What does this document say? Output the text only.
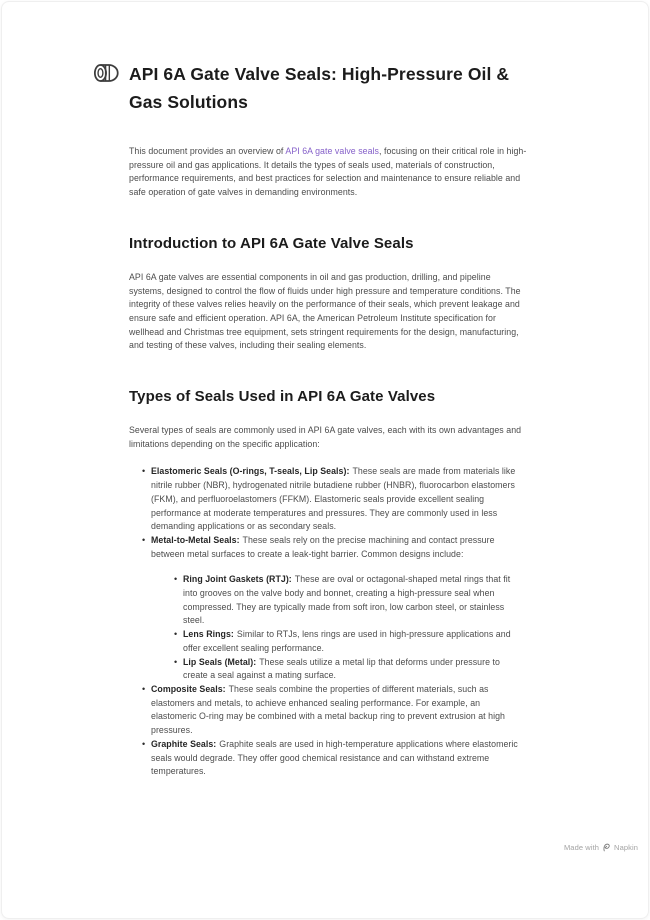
API 6A Gate Valve Seals: High-Pressure Oil & Gas Solutions

This document provides an overview of API 6A gate valve seals, focusing on their critical role in high-pressure oil and gas applications. It details the types of seals used, materials of construction, performance requirements, and best practices for selection and maintenance to ensure reliable and safe operation of gate valves in demanding environments.

Introduction to API 6A Gate Valve Seals

API 6A gate valves are essential components in oil and gas production, drilling, and pipeline systems, designed to control the flow of fluids under high pressure and temperature conditions. The integrity of these valves relies heavily on the performance of their seals, which prevent leakage and ensure safe and efficient operation. API 6A, the American Petroleum Institute specification for wellhead and Christmas tree equipment, sets stringent requirements for the design, manufacturing, and testing of these valves, including their sealing elements.

Types of Seals Used in API 6A Gate Valves

Several types of seals are commonly used in API 6A gate valves, each with its own advantages and limitations depending on the specific application:

• Elastomeric Seals (O-rings, T-seals, Lip Seals): These seals are made from materials like nitrile rubber (NBR), hydrogenated nitrile butadiene rubber (HNBR), fluorocarbon elastomers (FKM), and perfluoroelastomers (FFKM). Elastomeric seals provide excellent sealing performance at moderate temperatures and pressures. They are commonly used in less demanding applications or as secondary seals.
• Metal-to-Metal Seals: These seals rely on the precise machining and contact pressure between metal surfaces to create a leak-tight barrier. Common designs include:
• Ring Joint Gaskets (RTJ): These are oval or octagonal-shaped metal rings that fit into grooves on the valve body and bonnet, creating a high-pressure seal when compressed. They are typically made from soft iron, low carbon steel, or stainless steel.
• Lens Rings: Similar to RTJs, lens rings are used in high-pressure applications and offer excellent sealing performance.
• Lip Seals (Metal): These seals utilize a metal lip that deforms under pressure to create a seal against a mating surface.
• Composite Seals: These seals combine the properties of different materials, such as elastomers and metals, to achieve enhanced sealing performance. For example, an elastomeric O-ring may be combined with a metal backup ring to prevent extrusion at high pressures.
• Graphite Seals: Graphite seals are used in high-temperature applications where elastomeric seals would degrade. They offer good chemical resistance and can withstand extreme temperatures.
Made with Napkin
